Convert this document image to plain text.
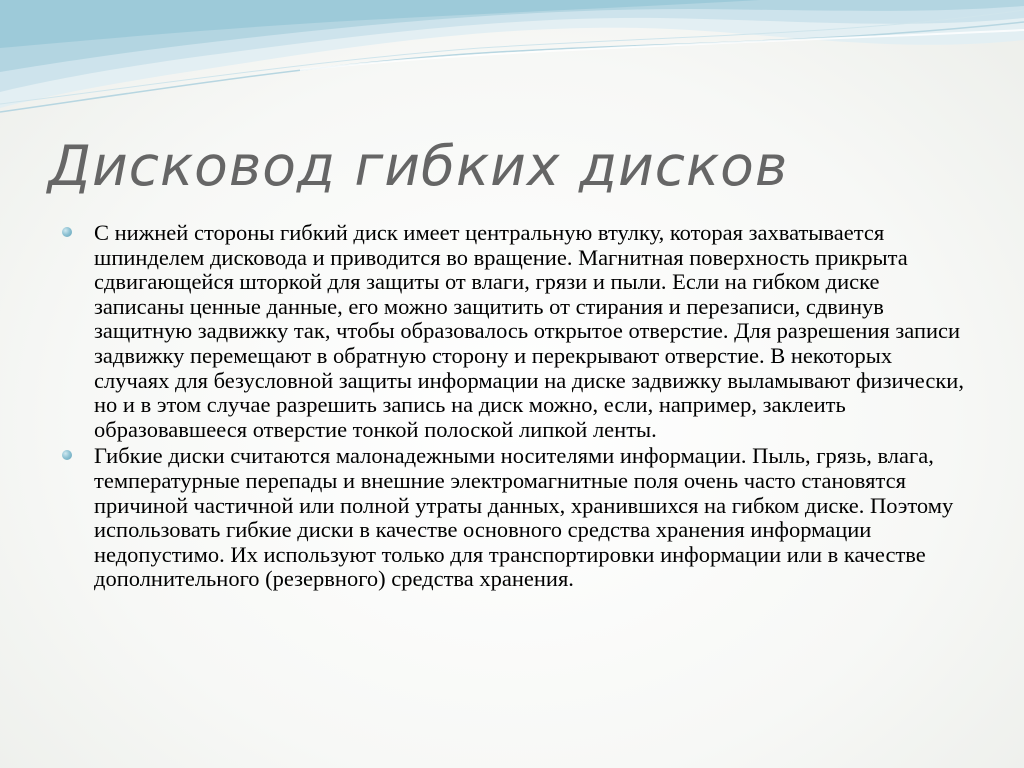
Дисковод гибких дисков
С нижней стороны гибкий диск имеет центральную втулку, которая захватывается шпинделем дисковода и приводится во вращение. Магнитная поверхность прикрыта сдвигающейся шторкой для защиты от влаги, грязи и пыли. Если на гибком диске записаны ценные данные, его можно защитить от стирания и перезаписи, сдвинув защитную задвижку так, чтобы образовалось открытое отверстие. Для разрешения записи задвижку перемещают в обратную сторону и перекрывают отверстие. В некоторых случаях для безусловной защиты информации на диске задвижку выламывают физически, но и в этом случае разрешить запись на диск можно, если, например, заклеить образовавшееся отверстие тонкой полоской липкой ленты.
Гибкие диски считаются малонадежными носителями информации. Пыль, грязь, влага, температурные перепады и внешние электромагнитные поля очень часто становятся причиной частичной или полной утраты данных, хранившихся на гибком диске. Поэтому использовать гибкие диски в качестве основного средства хранения информации недопустимо. Их используют только для транспортировки информации или в качестве дополнительного (резервного) средства хранения.
